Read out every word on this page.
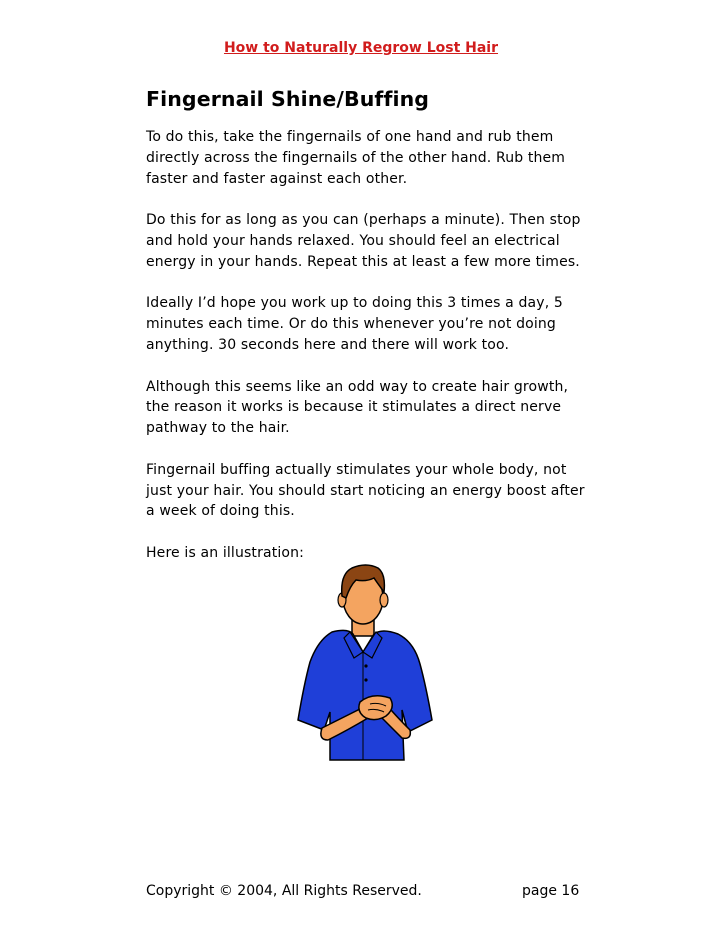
How to Naturally Regrow Lost Hair
Fingernail Shine/Buffing

To do this, take the fingernails of one hand and rub them directly across the fingernails of the other hand. Rub them faster and faster against each other.

Do this for as long as you can (perhaps a minute). Then stop and hold your hands relaxed. You should feel an electrical energy in your hands. Repeat this at least a few more times.

Ideally I’d hope you work up to doing this 3 times a day, 5 minutes each time. Or do this whenever you’re not doing anything. 30 seconds here and there will work too.

Although this seems like an odd way to create hair growth, the reason it works is because it stimulates a direct nerve pathway to the hair.

Fingernail buffing actually stimulates your whole body, not just your hair. You should start noticing an energy boost after a week of doing this.

Here is an illustration:

Copyright © 2004, All Rights Reserved.	page 16
